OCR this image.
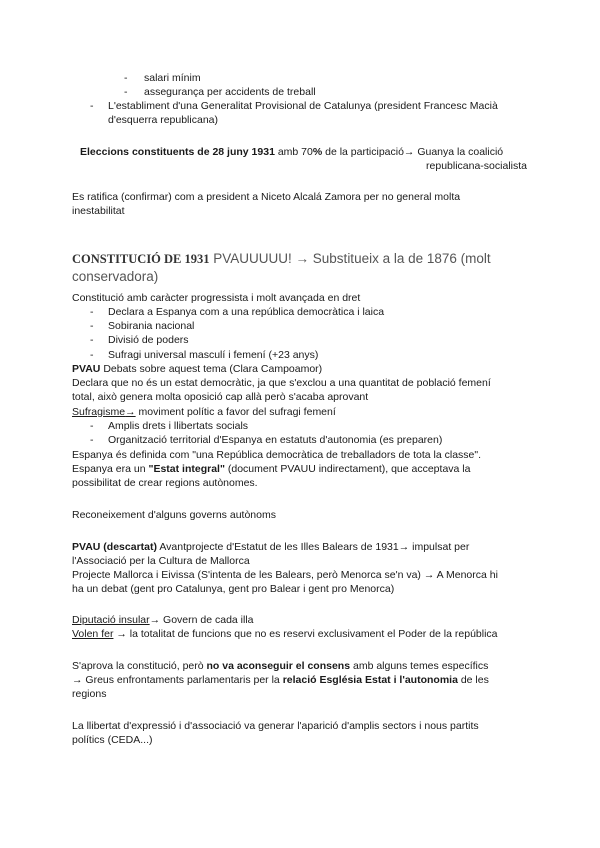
-	salari mínim

-	assegurança per accidents de treball

-	L'establiment d'una Generalitat Provisional de Catalunya (president Francesc Macià

d'esquerra republicana)

Eleccions constituents de 28 juny 1931 amb 70% de la participació→ Guanya la coalició

republicana-socialista

Es ratifica (confirmar) com a president a Niceto Alcalá Zamora per no general molta

inestabilitat

CONSTITUCIÓ DE 1931 PVAUUUUU! → Substitueix a la de 1876 (molt

conservadora)

Constitució amb caràcter progressista i molt avançada en dret

-	Declara a Espanya com a una república democràtica i laica

-	Sobirania nacional

-	Divisió de poders

-	Sufragi universal masculí i femení (+23 anys)

PVAU Debats sobre aquest tema (Clara Campoamor)

Declara que no és un estat democràtic, ja que s'exclou a una quantitat de població femení

total, això genera molta oposició cap allà però s'acaba aprovant

Sufragisme→ moviment polític a favor del sufragi femení

-	Amplis drets i llibertats socials

-	Organització territorial d'Espanya en estatuts d'autonomia (es preparen)

Espanya és definida com "una República democràtica de treballadors de tota la classe".

Espanya era un "Estat integral" (document PVAUU indirectament), que acceptava la

possibilitat de crear regions autònomes.

Reconeixement d'alguns governs autònoms

PVAU (descartat) Avantprojecte d'Estatut de les Illes Balears de 1931→ impulsat per

l'Associació per la Cultura de Mallorca

Projecte Mallorca i Eivissa (S'intenta de les Balears, però Menorca se'n va) → A Menorca hi

ha un debat (gent pro Catalunya, gent pro Balear i gent pro Menorca)

Diputació insular→ Govern de cada illa

Volen fer → la totalitat de funcions que no es reservi exclusivament el Poder de la república

S'aprova la constitució, però no va aconseguir el consens amb alguns temes específics

→ Greus enfrontaments parlamentaris per la relació Església Estat i l'autonomia de les

regions

La llibertat d'expressió i d'associació va generar l'aparició d'amplis sectors i nous partits

polítics (CEDA...)
